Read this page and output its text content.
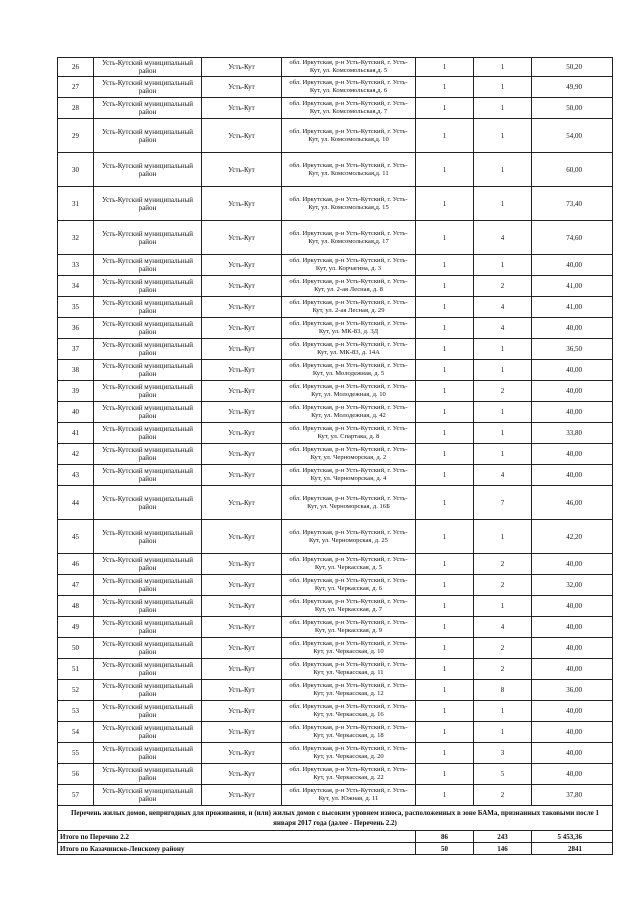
26	Усть-Кутский муниципальный район	Усть-Кут	обл. Иркутская, р-н Усть-Кутский, г. Усть-Кут, ул. Комсомольская,д. 5	1	1	50,20
27	Усть-Кутский муниципальный район	Усть-Кут	обл. Иркутская, р-н Усть-Кутский, г. Усть-Кут, ул. Комсомольская,д. 6	1	1	49,90
28	Усть-Кутский муниципальный район	Усть-Кут	обл. Иркутская, р-н Усть-Кутский, г. Усть-Кут, ул. Комсомольская,д. 7	1	1	50,00
29	Усть-Кутский муниципальный район	Усть-Кут	обл. Иркутская, р-н Усть-Кутский, г. Усть-Кут, ул. Комсомольская,д. 10	1	1	54,00
30	Усть-Кутский муниципальный район	Усть-Кут	обл. Иркутская, р-н Усть-Кутский, г. Усть-Кут, ул. Комсомольская,д. 11	1	1	60,00
31	Усть-Кутский муниципальный район	Усть-Кут	обл. Иркутская, р-н Усть-Кутский, г. Усть-Кут, ул. Комсомольская,д. 15	1	1	73,40
32	Усть-Кутский муниципальный район	Усть-Кут	обл. Иркутская, р-н Усть-Кутский, г. Усть-Кут, ул. Комсомольская,д. 17	1	4	74,60
33	Усть-Кутский муниципальный район	Усть-Кут	обл. Иркутская, р-н Усть-Кутский, г. Усть-Кут, ул. Корчагина, д. 3	1	1	40,00
34	Усть-Кутский муниципальный район	Усть-Кут	обл. Иркутская, р-н Усть-Кутский, г. Усть-Кут, ул. 2-ая Лесная, д. 8	1	2	41,00
35	Усть-Кутский муниципальный район	Усть-Кут	обл. Иркутская, р-н Усть-Кутский, г. Усть-Кут, ул. 2-ая Лесная, д. 29	1	4	41,00
36	Усть-Кутский муниципальный район	Усть-Кут	обл. Иркутская, р-н Усть-Кутский, г. Усть-Кут, ул. МК-83, д. 3Д	1	4	40,00
37	Усть-Кутский муниципальный район	Усть-Кут	обл. Иркутская, р-н Усть-Кутский, г. Усть-Кут, ул. МК-83, д. 14А	1	1	36,50
38	Усть-Кутский муниципальный район	Усть-Кут	обл. Иркутская, р-н Усть-Кутский, г. Усть-Кут, ул. Молодежная, д. 5	1	1	40,00
39	Усть-Кутский муниципальный район	Усть-Кут	обл. Иркутская, р-н Усть-Кутский, г. Усть-Кут, ул. Молодежная, д. 10	1	2	40,00
40	Усть-Кутский муниципальный район	Усть-Кут	обл. Иркутская, р-н Усть-Кутский, г. Усть-Кут, ул. Молодежная, д. 42	1	1	40,00
41	Усть-Кутский муниципальный район	Усть-Кут	обл. Иркутская, р-н Усть-Кутский, г. Усть-Кут, ул. Спартака, д. 8	1	1	33,80
42	Усть-Кутский муниципальный район	Усть-Кут	обл. Иркутская, р-н Усть-Кутский, г. Усть-Кут, ул. Черноморская, д. 2	1	1	40,00
43	Усть-Кутский муниципальный район	Усть-Кут	обл. Иркутская, р-н Усть-Кутский, г. Усть-Кут, ул. Черноморская, д. 4	1	4	40,00
44	Усть-Кутский муниципальный район	Усть-Кут	обл. Иркутская, р-н Усть-Кутский, г. Усть-Кут, ул. Черноморская, д. 16Б	1	7	46,00
45	Усть-Кутский муниципальный район	Усть-Кут	обл. Иркутская, р-н Усть-Кутский, г. Усть-Кут, ул. Черноморская, д. 25	1	1	42,20
46	Усть-Кутский муниципальный район	Усть-Кут	обл. Иркутская, р-н Усть-Кутский, г. Усть-Кут, ул. Черкасская, д. 5	1	2	40,00
47	Усть-Кутский муниципальный район	Усть-Кут	обл. Иркутская, р-н Усть-Кутский, г. Усть-Кут, ул. Черкасская, д. 6	1	2	32,00
48	Усть-Кутский муниципальный район	Усть-Кут	обл. Иркутская, р-н Усть-Кутский, г. Усть-Кут, ул. Черкасская, д. 7	1	1	40,00
49	Усть-Кутский муниципальный район	Усть-Кут	обл. Иркутская, р-н Усть-Кутский, г. Усть-Кут, ул. Черкасская, д. 9	1	4	40,00
50	Усть-Кутский муниципальный район	Усть-Кут	обл. Иркутская, р-н Усть-Кутский, г. Усть-Кут, ул. Черкасская, д. 10	1	2	40,00
51	Усть-Кутский муниципальный район	Усть-Кут	обл. Иркутская, р-н Усть-Кутский, г. Усть-Кут, ул. Черкасская, д. 11	1	2	40,00
52	Усть-Кутский муниципальный район	Усть-Кут	обл. Иркутская, р-н Усть-Кутский, г. Усть-Кут, ул. Черкасская, д. 12	1	8	36,00
53	Усть-Кутский муниципальный район	Усть-Кут	обл. Иркутская, р-н Усть-Кутский, г. Усть-Кут, ул. Черкасская, д. 16	1	1	40,00
54	Усть-Кутский муниципальный район	Усть-Кут	обл. Иркутская, р-н Усть-Кутский, г. Усть-Кут, ул. Черкасская, д. 18	1	1	40,00
55	Усть-Кутский муниципальный район	Усть-Кут	обл. Иркутская, р-н Усть-Кутский, г. Усть-Кут, ул. Черкасская, д. 20	1	3	40,00
56	Усть-Кутский муниципальный район	Усть-Кут	обл. Иркутская, р-н Усть-Кутский, г. Усть-Кут, ул. Черкасская, д. 22	1	5	40,00
57	Усть-Кутский муниципальный район	Усть-Кут	обл. Иркутская, р-н Усть-Кутский, г. Усть-Кут, ул. Южная, д. 11	1	2	37,80
Перечень жилых домов, непригодных для проживания, и (или) жилых домов с высоким уровнем износа, расположенных в зоне БАМа, признанных таковыми после 1 января 2017 года (далее - Перечень 2.2)						
Итого по Перечню 2.2				86	243	5 453,36
Итого по Казачинско-Ленскому району				50	146	2841
